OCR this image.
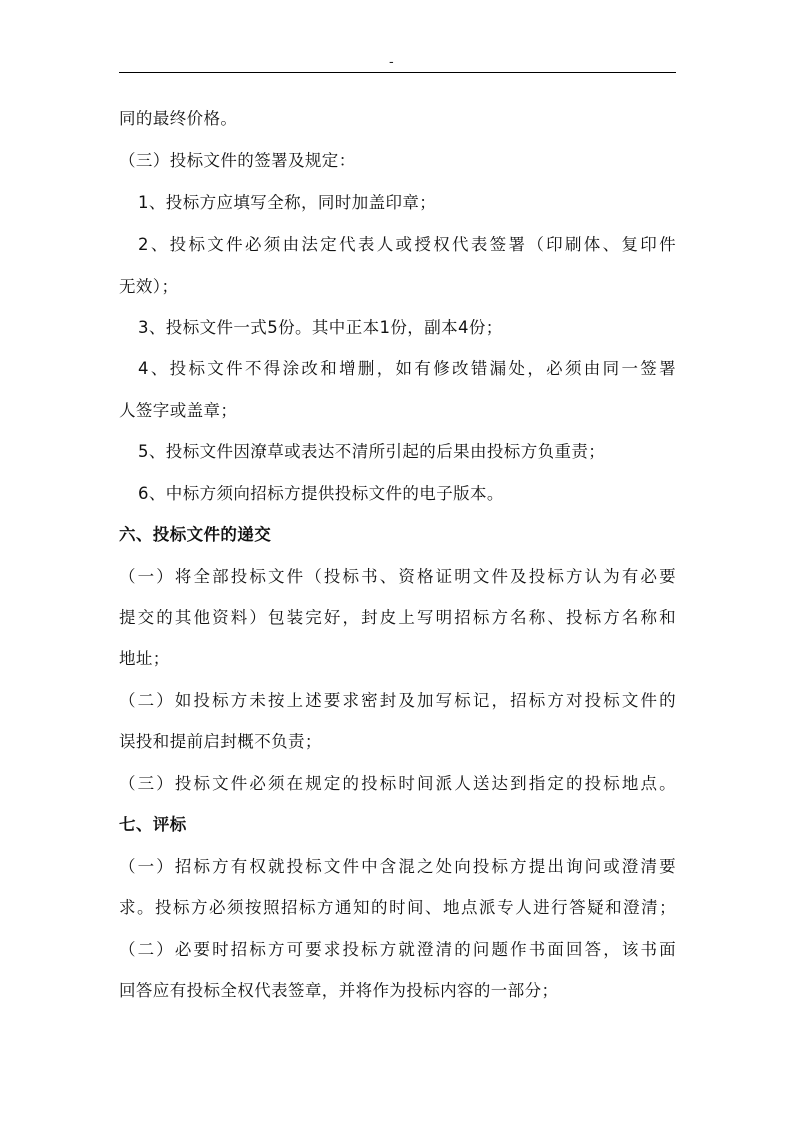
-
同的最终价格。
（三）投标文件的签署及规定：
1、投标方应填写全称，同时加盖印章；
2、投标文件必须由法定代表人或授权代表签署（印刷体、复印件
无效）；
3、投标文件一式5份。其中正本1份，副本4份；
4、投标文件不得涂改和增删，如有修改错漏处，必须由同一签署
人签字或盖章；
5、投标文件因潦草或表达不清所引起的后果由投标方负重责；
6、中标方须向招标方提供投标文件的电子版本。
六、投标文件的递交
（一）将全部投标文件（投标书、资格证明文件及投标方认为有必要
提交的其他资料）包装完好，封皮上写明招标方名称、投标方名称和
地址；
（二）如投标方未按上述要求密封及加写标记，招标方对投标文件的
误投和提前启封概不负责；
（三）投标文件必须在规定的投标时间派人送达到指定的投标地点。
七、评标
（一）招标方有权就投标文件中含混之处向投标方提出询问或澄清要
求。投标方必须按照招标方通知的时间、地点派专人进行答疑和澄清；
（二）必要时招标方可要求投标方就澄清的问题作书面回答，该书面
回答应有投标全权代表签章，并将作为投标内容的一部分；
